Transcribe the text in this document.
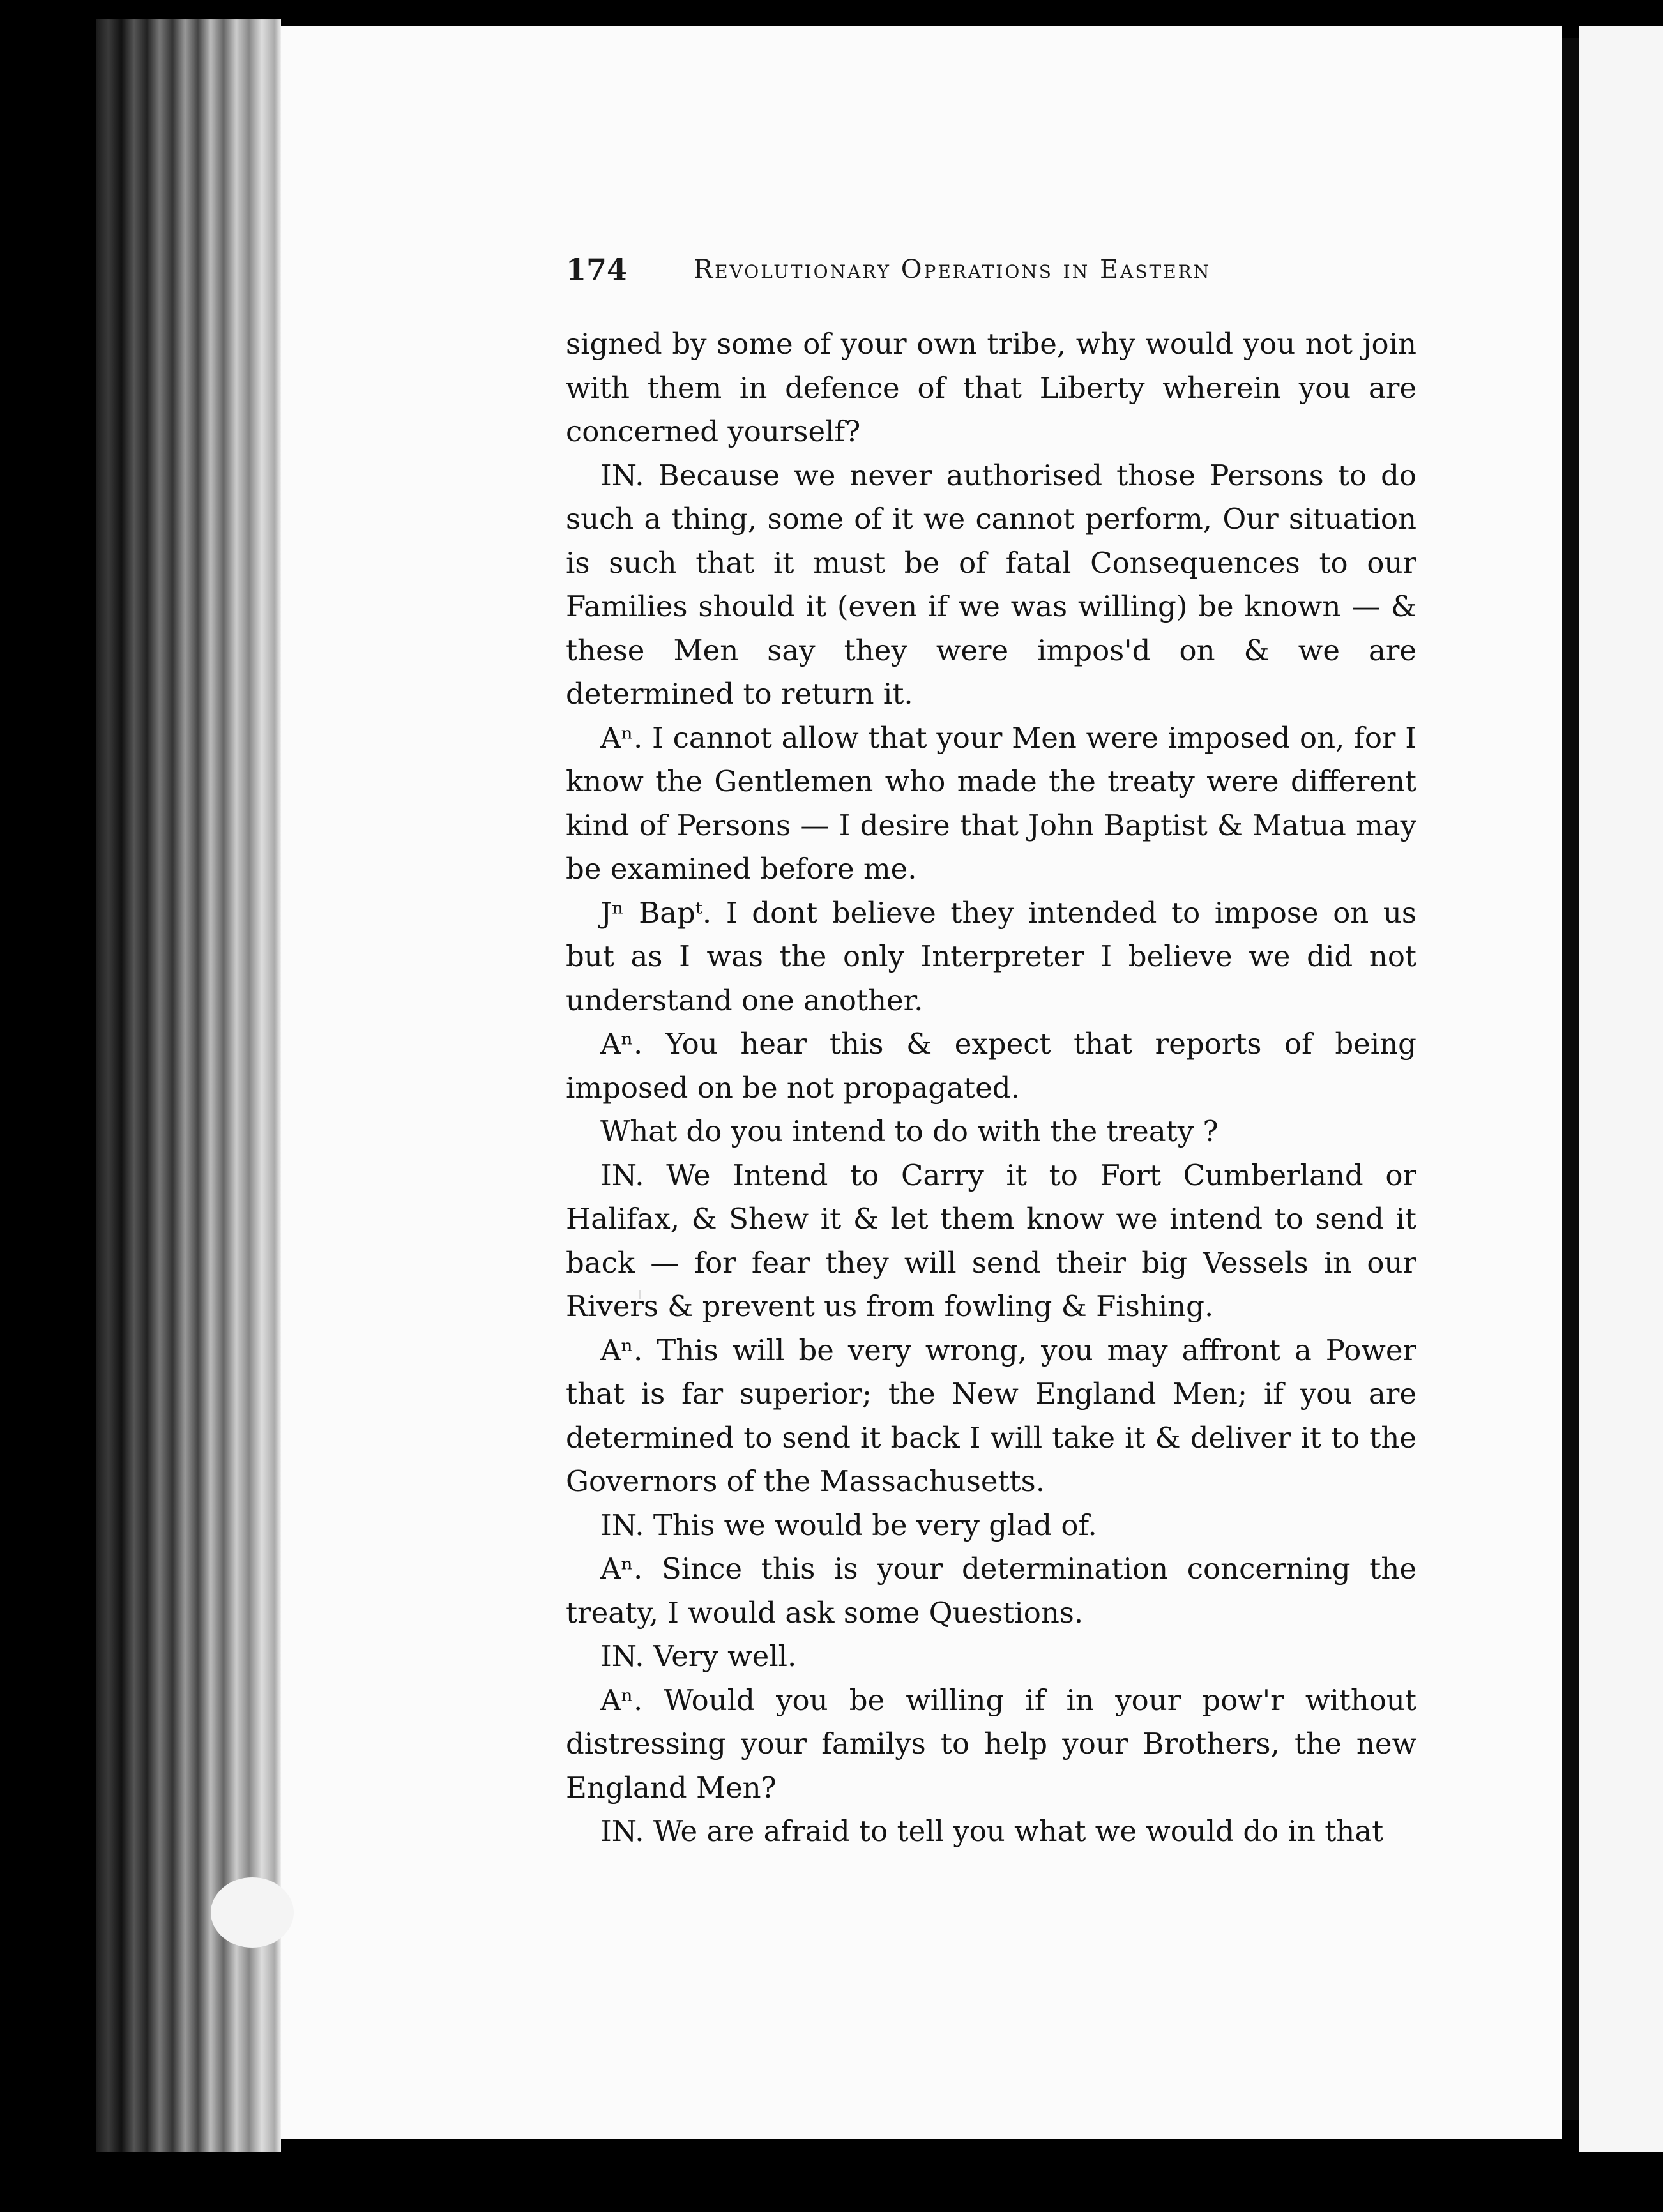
174	Revolutionary Operations in Eastern

signed by some of your own tribe, why would you not join with them in defence of that Liberty wherein you are concerned yourself?

IN. Because we never authorised those Persons to do such a thing, some of it we cannot perform, Our situation is such that it must be of fatal Consequences to our Families should it (even if we was willing) be known — & these Men say they were impos'd on & we are determined to return it.

Aⁿ. I cannot allow that your Men were imposed on, for I know the Gentlemen who made the treaty were different kind of Persons — I desire that John Baptist & Matua may be examined before me.

Jⁿ Bapᵗ. I dont believe they intended to impose on us but as I was the only Interpreter I believe we did not understand one another.

Aⁿ. You hear this & expect that reports of being imposed on be not propagated.

What do you intend to do with the treaty ?

IN. We Intend to Carry it to Fort Cumberland or Halifax, & Shew it & let them know we intend to send it back — for fear they will send their big Vessels in our Rivers & prevent us from fowling & Fishing.

Aⁿ. This will be very wrong, you may affront a Power that is far superior; the New England Men; if you are determined to send it back I will take it & deliver it to the Governors of the Massachusetts.

IN. This we would be very glad of.

Aⁿ. Since this is your determination concerning the treaty, I would ask some Questions.

IN. Very well.

Aⁿ. Would you be willing if in your pow'r without distressing your familys to help your Brothers, the new England Men?

IN. We are afraid to tell you what we would do in that
